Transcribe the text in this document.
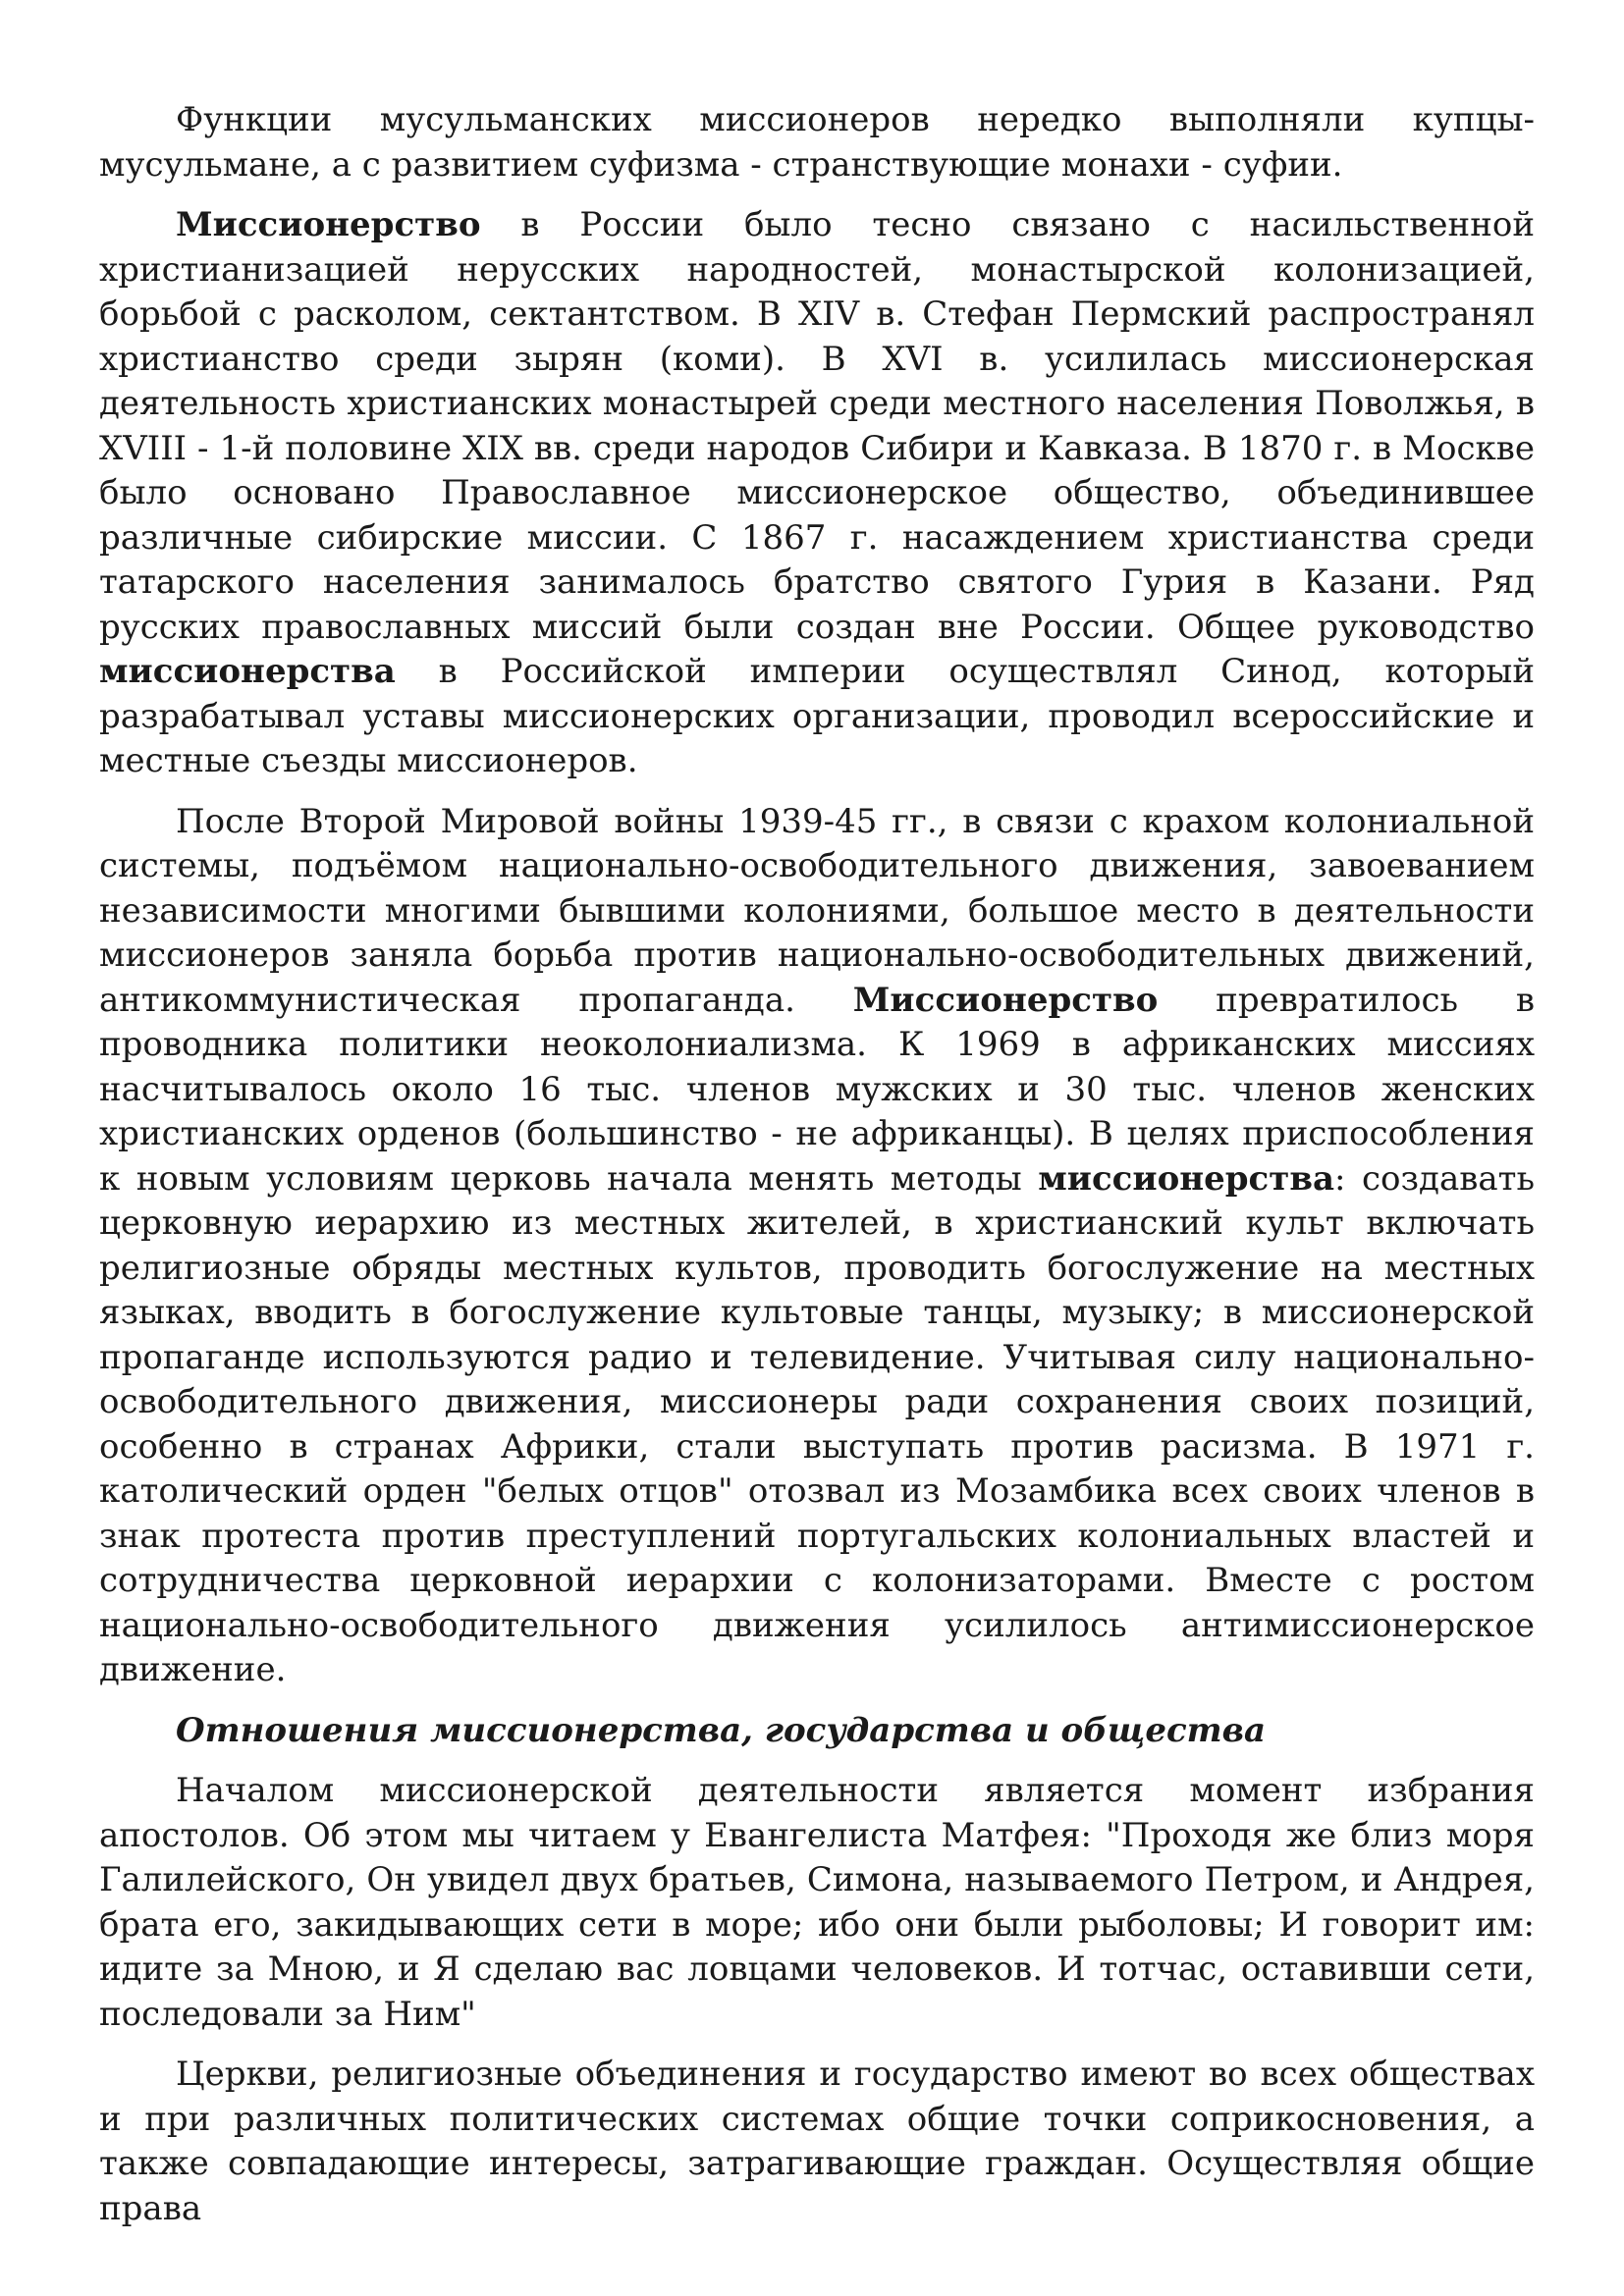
Функции мусульманских миссионеров нередко выполняли купцы-мусульмане, а с развитием суфизма - странствующие монахи - суфии.

Миссионерство в России было тесно связано с насильственной христианизацией нерусских народностей, монастырской колонизацией, борьбой с расколом, сектантством. В XIV в. Стефан Пермский распространял христианство среди зырян (коми). В XVI в. усилилась миссионерская деятельность христианских монастырей среди местного населения Поволжья, в XVIII - 1-й половине XIX вв. среди народов Сибири и Кавказа. В 1870 г. в Москве было основано Православное миссионерское общество, объединившее различные сибирские миссии. С 1867 г. насаждением христианства среди татарского населения занималось братство святого Гурия в Казани. Ряд русских православных миссий были создан вне России. Общее руководство миссионерства в Российской империи осуществлял Синод, который разрабатывал уставы миссионерских организации, проводил всероссийские и местные съезды миссионеров.

После Второй Мировой войны 1939-45 гг., в связи с крахом колониальной системы, подъёмом национально-освободительного движения, завоеванием независимости многими бывшими колониями, большое место в деятельности миссионеров заняла борьба против национально-освободительных движений, антикоммунистическая пропаганда. Миссионерство превратилось в проводника политики неоколониализма. К 1969 в африканских миссиях насчитывалось около 16 тыс. членов мужских и 30 тыс. членов женских христианских орденов (большинство - не африканцы). В целях приспособления к новым условиям церковь начала менять методы миссионерства: создавать церковную иерархию из местных жителей, в христианский культ включать религиозные обряды местных культов, проводить богослужение на местных языках, вводить в богослужение культовые танцы, музыку; в миссионерской пропаганде используются радио и телевидение. Учитывая силу национально-освободительного движения, миссионеры ради сохранения своих позиций, особенно в странах Африки, стали выступать против расизма. В 1971 г. католический орден "белых отцов" отозвал из Мозамбика всех своих членов в знак протеста против преступлений португальских колониальных властей и сотрудничества церковной иерархии с колонизаторами. Вместе с ростом национально-освободительного движения усилилось антимиссионерское движение.

Отношения миссионерства, государства и общества

Началом миссионерской деятельности является момент избрания апостолов. Об этом мы читаем у Евангелиста Матфея: "Проходя же близ моря Галилейского, Он увидел двух братьев, Симона, называемого Петром, и Андрея, брата его, закидывающих сети в море; ибо они были рыболовы; И говорит им: идите за Мною, и Я сделаю вас ловцами человеков. И тотчас, оставивши сети, последовали за Ним"

Церкви, религиозные объединения и государство имеют во всех обществах и при различных политических системах общие точки соприкосновения, а также совпадающие интересы, затрагивающие граждан. Осуществляя общие права
